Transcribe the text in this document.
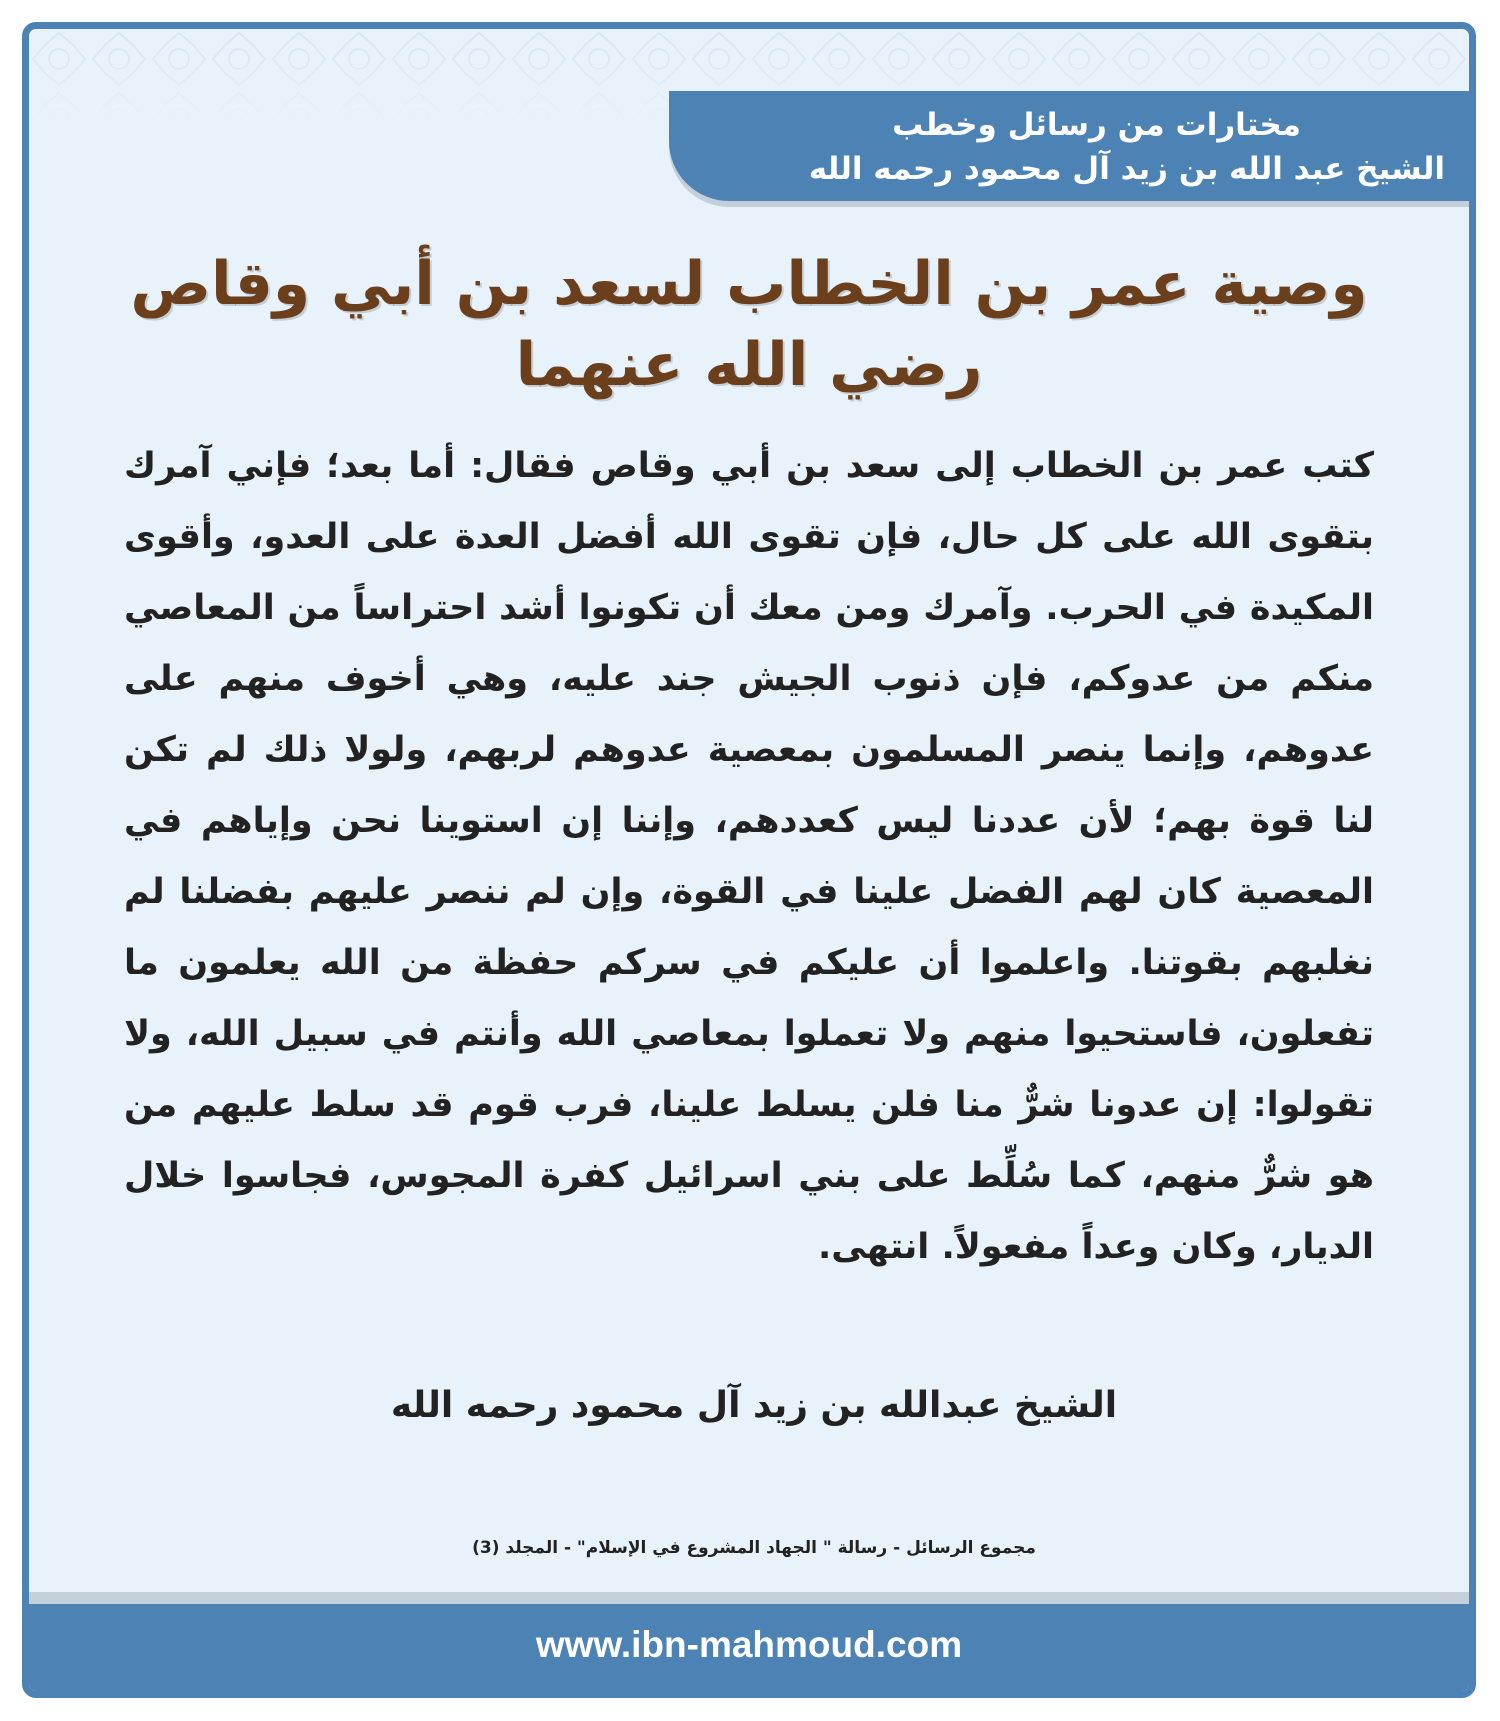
مختارات من رسائل وخطب
الشيخ عبد الله بن زيد آل محمود رحمه الله
وصية عمر بن الخطاب لسعد بن أبي وقاص
رضي الله عنهما
كتب عمر بن الخطاب إلى سعد بن أبي وقاص فقال: أما بعد؛ فإني آمرك بتقوى الله على كل حال، فإن تقوى الله أفضل العدة على العدو، وأقوى المكيدة في الحرب. وآمرك ومن معك أن تكونوا أشد احتراساً من المعاصي منكم من عدوكم، فإن ذنوب الجيش جند عليه، وهي أخوف منهم على عدوهم، وإنما ينصر المسلمون بمعصية عدوهم لربهم، ولولا ذلك لم تكن لنا قوة بهم؛ لأن عددنا ليس كعددهم، وإننا إن استوينا نحن وإياهم في المعصية كان لهم الفضل علينا في القوة، وإن لم ننصر عليهم بفضلنا لم نغلبهم بقوتنا. واعلموا أن عليكم في سركم حفظة من الله يعلمون ما تفعلون، فاستحيوا منهم ولا تعملوا بمعاصي الله وأنتم في سبيل الله، ولا تقولوا: إن عدونا شرٌّ منا فلن يسلط علينا، فرب قوم قد سلط عليهم من هو شرٌّ منهم، كما سُلِّط على بني اسرائيل كفرة المجوس، فجاسوا خلال الديار، وكان وعداً مفعولاً. انتهى.
الشيخ عبدالله بن زيد آل محمود رحمه الله
مجموع الرسائل - رسالة " الجهاد المشروع في الإسلام" - المجلد (3)
www.ibn-mahmoud.com
